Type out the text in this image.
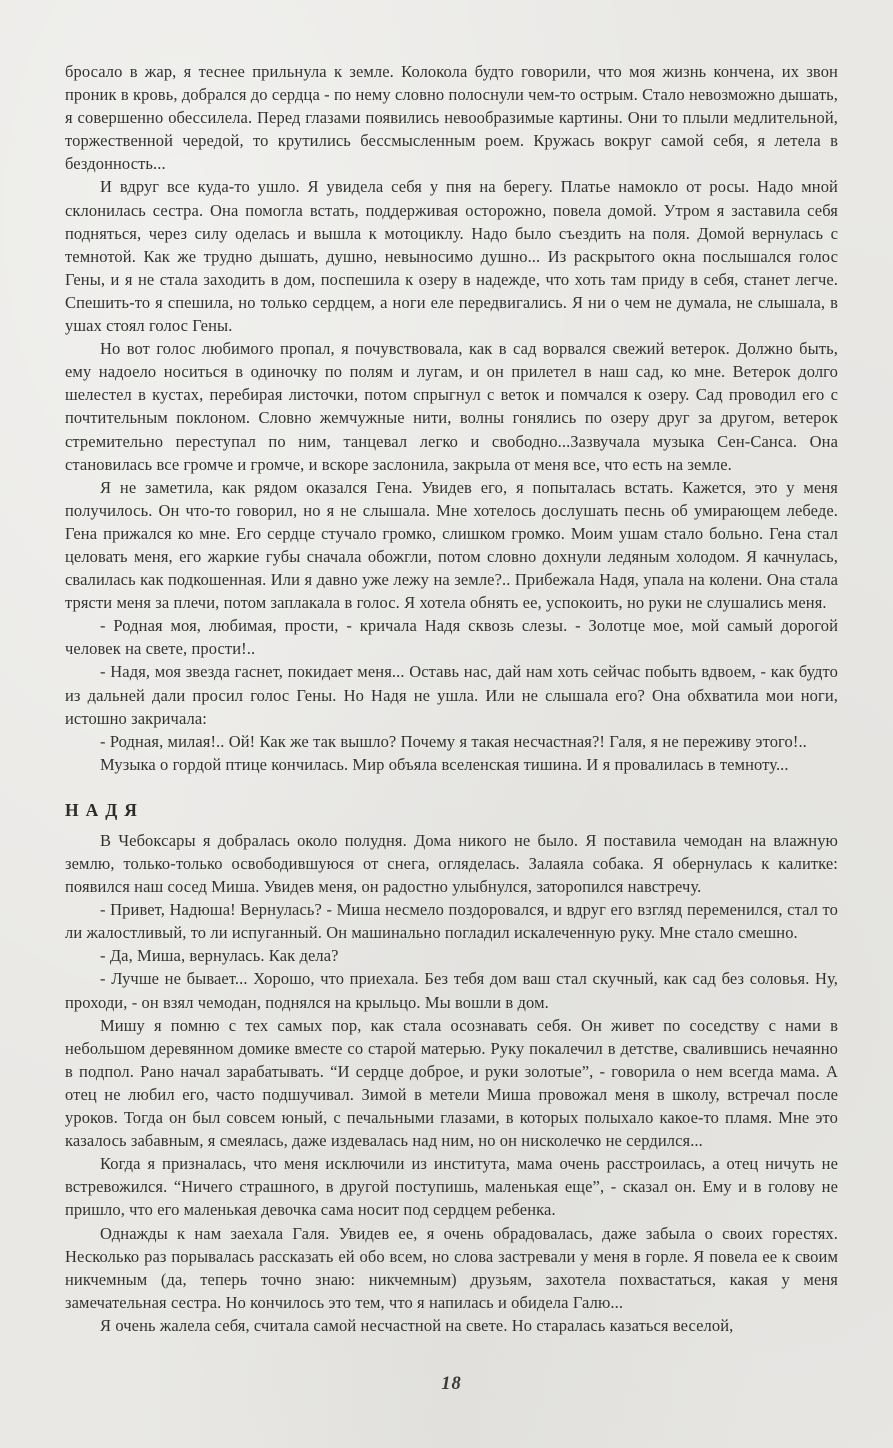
бросало в жар, я теснее прильнула к земле. Колокола будто говорили, что моя жизнь кончена, их звон проник в кровь, добрался до сердца - по нему словно полоснули чем-то острым. Стало невозможно дышать, я совершенно обессилела. Перед глазами появились невообразимые картины. Они то плыли медлительной, торжественной чередой, то крутились бессмысленным роем. Кружась вокруг самой себя, я летела в бездонность...

И вдруг все куда-то ушло. Я увидела себя у пня на берегу. Платье намокло от росы. Надо мной склонилась сестра. Она помогла встать, поддерживая осторожно, повела домой. Утром я заставила себя подняться, через силу оделась и вышла к мотоциклу. Надо было съездить на поля. Домой вернулась с темнотой. Как же трудно дышать, душно, невыносимо душно... Из раскрытого окна послышался голос Гены, и я не стала заходить в дом, поспешила к озеру в надежде, что хоть там приду в себя, станет легче. Спешить-то я спешила, но только сердцем, а ноги еле передвигались. Я ни о чем не думала, не слышала, в ушах стоял голос Гены.

Но вот голос любимого пропал, я почувствовала, как в сад ворвался свежий ветерок. Должно быть, ему надоело носиться в одиночку по полям и лугам, и он прилетел в наш сад, ко мне. Ветерок долго шелестел в кустах, перебирая листочки, потом спрыгнул с веток и помчался к озеру. Сад проводил его с почтительным поклоном. Словно жемчужные нити, волны гонялись по озеру друг за другом, ветерок стремительно переступал по ним, танцевал легко и свободно...Зазвучала музыка Сен-Санса. Она становилась все громче и громче, и вскоре заслонила, закрыла от меня все, что есть на земле.

Я не заметила, как рядом оказался Гена. Увидев его, я попыталась встать. Кажется, это у меня получилось. Он что-то говорил, но я не слышала. Мне хотелось дослушать песнь об умирающем лебеде. Гена прижался ко мне. Его сердце стучало громко, слишком громко. Моим ушам стало больно. Гена стал целовать меня, его жаркие губы сначала обожгли, потом словно дохнули ледяным холодом. Я качнулась, свалилась как подкошенная. Или я давно уже лежу на земле?.. Прибежала Надя, упала на колени. Она стала трясти меня за плечи, потом заплакала в голос. Я хотела обнять ее, успокоить, но руки не слушались меня.

- Родная моя, любимая, прости, - кричала Надя сквозь слезы. - Золотце мое, мой самый дорогой человек на свете, прости!..

- Надя, моя звезда гаснет, покидает меня... Оставь нас, дай нам хоть сейчас побыть вдвоем, - как будто из дальней дали просил голос Гены. Но Надя не ушла. Или не слышала его? Она обхватила мои ноги, истошно закричала:

- Родная, милая!.. Ой! Как же так вышло? Почему я такая несчастная?! Галя, я не переживу этого!..

Музыка о гордой птице кончилась. Мир объяла вселенская тишина. И я провалилась в темноту...

НАДЯ

В Чебоксары я добралась около полудня. Дома никого не было. Я поставила чемодан на влажную землю, только-только освободившуюся от снега, огляделась. Залаяла собака. Я обернулась к калитке: появился наш сосед Миша. Увидев меня, он радостно улыбнулся, заторопился навстречу.

- Привет, Надюша! Вернулась? - Миша несмело поздоровался, и вдруг его взгляд переменился, стал то ли жалостливый, то ли испуганный. Он машинально погладил искалеченную руку. Мне стало смешно.

- Да, Миша, вернулась. Как дела?

- Лучше не бывает... Хорошо, что приехала. Без тебя дом ваш стал скучный, как сад без соловья. Ну, проходи, - он взял чемодан, поднялся на крыльцо. Мы вошли в дом.

Мишу я помню с тех самых пор, как стала осознавать себя. Он живет по соседству с нами в небольшом деревянном домике вместе со старой матерью. Руку покалечил в детстве, свалившись нечаянно в подпол. Рано начал зарабатывать. “И сердце доброе, и руки золотые”, - говорила о нем всегда мама. А отец не любил его, часто подшучивал. Зимой в метели Миша провожал меня в школу, встречал после уроков. Тогда он был совсем юный, с печальными глазами, в которых полыхало какое-то пламя. Мне это казалось забавным, я смеялась, даже издевалась над ним, но он нисколечко не сердился...

Когда я призналась, что меня исключили из института, мама очень расстроилась, а отец ничуть не встревожился. “Ничего страшного, в другой поступишь, маленькая еще”, - сказал он. Ему и в голову не пришло, что его маленькая девочка сама носит под сердцем ребенка.

Однажды к нам заехала Галя. Увидев ее, я очень обрадовалась, даже забыла о своих горестях. Несколько раз порывалась рассказать ей обо всем, но слова застревали у меня в горле. Я повела ее к своим никчемным (да, теперь точно знаю: никчемным) друзьям, захотела похвастаться, какая у меня замечательная сестра. Но кончилось это тем, что я напилась и обидела Галю...

Я очень жалела себя, считала самой несчастной на свете. Но старалась казаться веселой,

18
